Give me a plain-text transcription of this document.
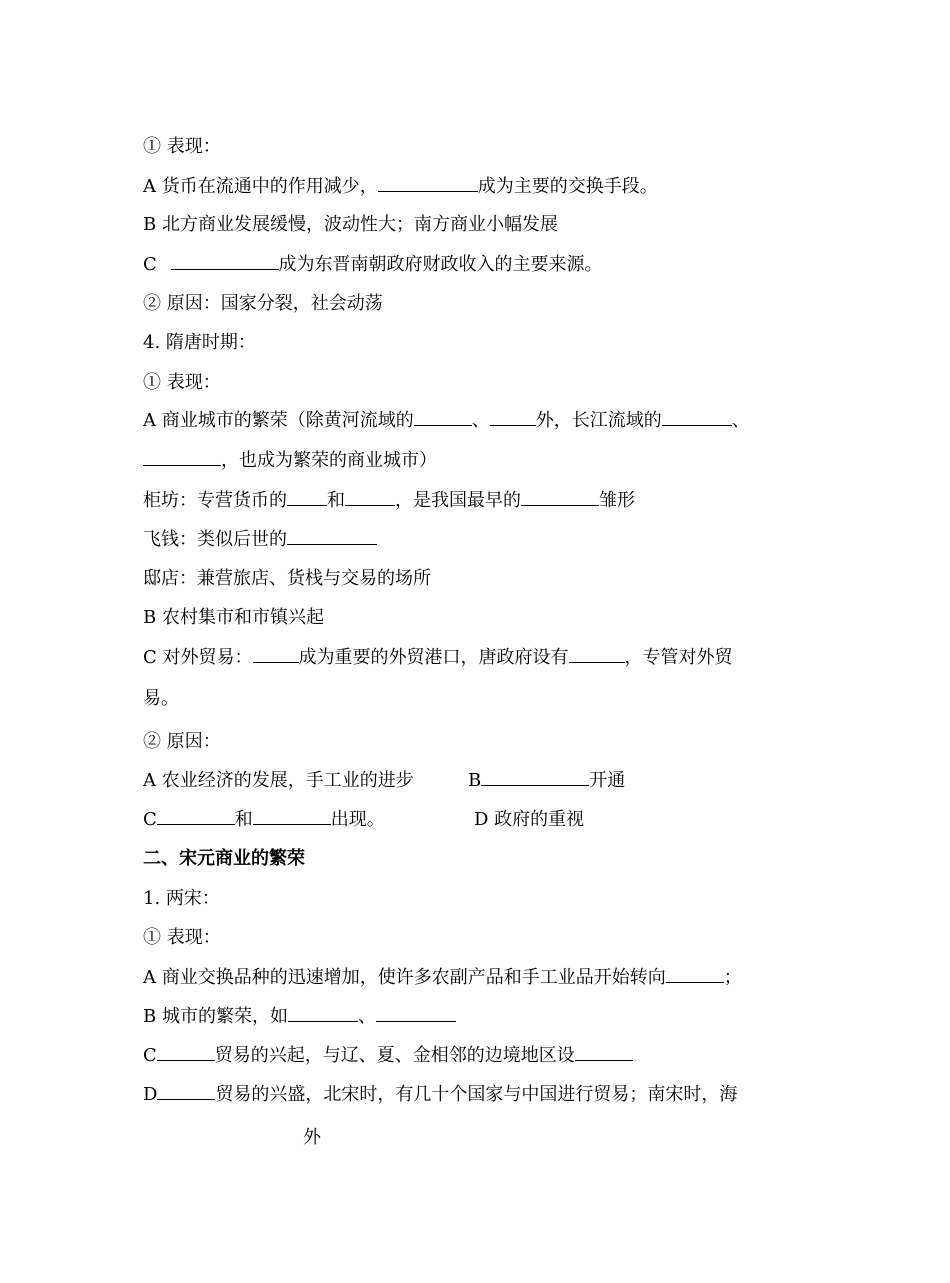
① 表现：
A 货币在流通中的作用减少，	成为主要的交换手段。
B 北方商业发展缓慢，波动性大；南方商业小幅发展
C	成为东晋南朝政府财政收入的主要来源。
② 原因：国家分裂，社会动荡
4. 隋唐时期：
① 表现：
A 商业城市的繁荣（除黄河流域的	、	外，长江流域的	、
，也成为繁荣的商业城市）
柜坊：专营货币的 和	，是我国最早的	雏形
飞钱：类似后世的
邸店：兼营旅店、货栈与交易的场所
B 农村集市和市镇兴起
C 对外贸易：	成为重要的外贸港口，唐政府设有	，专管对外贸
易。
② 原因：
A 农业经济的发展，手工业的进步	B	开通
C	和	出现。	D 政府的重视
二、宋元商业的繁荣
1. 两宋：
① 表现：
A 商业交换品种的迅速增加，使许多农副产品和手工业品开始转向	；
B 城市的繁荣，如	、
C	贸易的兴起，与辽、夏、金相邻的边境地区设
D	贸易的兴盛，北宋时，有几十个国家与中国进行贸易；南宋时，海
外
